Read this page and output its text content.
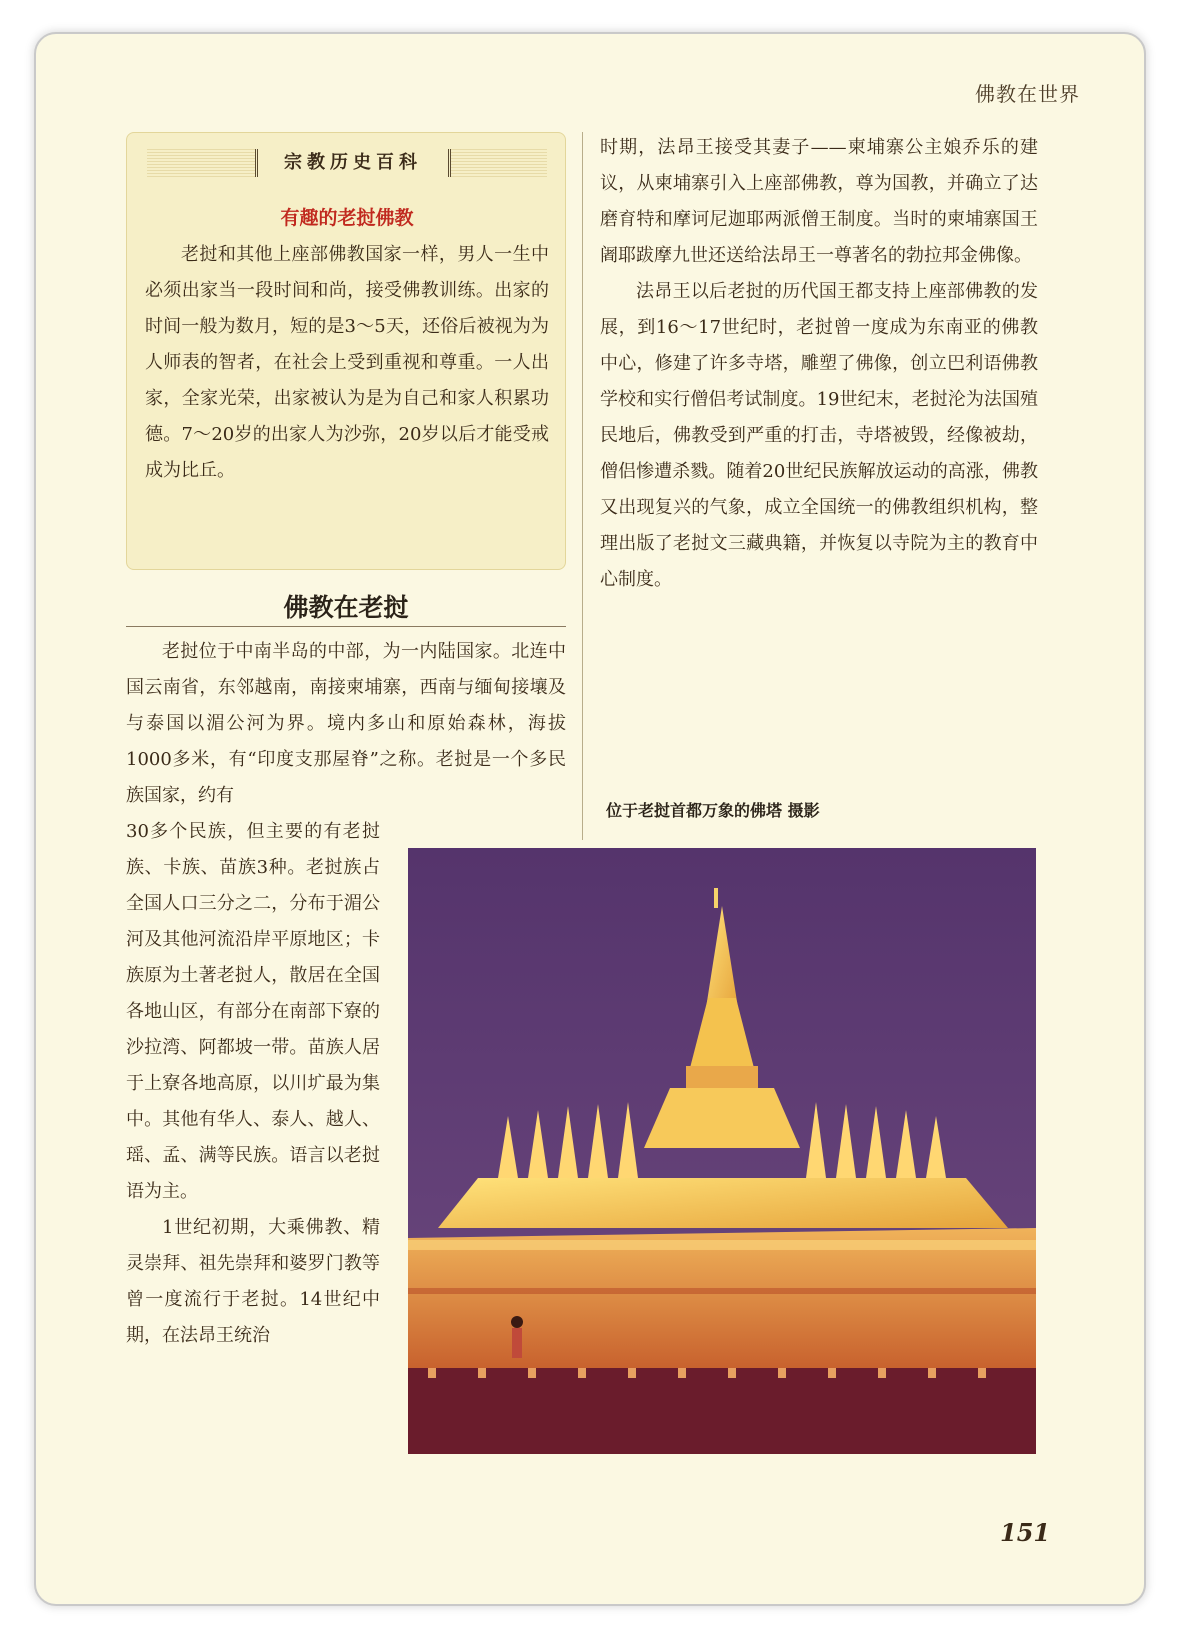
佛教在世界
宗教历史百科
有趣的老挝佛教
老挝和其他上座部佛教国家一样，男人一生中必须出家当一段时间和尚，接受佛教训练。出家的时间一般为数月，短的是3～5天，还俗后被视为为人师表的智者，在社会上受到重视和尊重。一人出家，全家光荣，出家被认为是为自己和家人积累功德。7～20岁的出家人为沙弥，20岁以后才能受戒成为比丘。
佛教在老挝

老挝位于中南半岛的中部，为一内陆国家。北连中国云南省，东邻越南，南接柬埔寨，西南与缅甸接壤及与泰国以湄公河为界。境内多山和原始森林，海拔1000多米，有“印度支那屋脊”之称。老挝是一个多民族国家，约有

30多个民族，但主要的有老挝族、卡族、苗族3种。老挝族占全国人口三分之二，分布于湄公河及其他河流沿岸平原地区；卡族原为土著老挝人，散居在全国各地山区，有部分在南部下寮的沙拉湾、阿都坡一带。苗族人居于上寮各地高原，以川圹最为集中。其他有华人、泰人、越人、瑶、孟、满等民族。语言以老挝语为主。

1世纪初期，大乘佛教、精灵崇拜、祖先崇拜和婆罗门教等曾一度流行于老挝。14世纪中期，在法昂王统治

时期，法昂王接受其妻子——柬埔寨公主娘乔乐的建议，从柬埔寨引入上座部佛教，尊为国教，并确立了达磨育特和摩诃尼迦耶两派僧王制度。当时的柬埔寨国王阇耶跋摩九世还送给法昂王一尊著名的勃拉邦金佛像。

法昂王以后老挝的历代国王都支持上座部佛教的发展，到16～17世纪时，老挝曾一度成为东南亚的佛教中心，修建了许多寺塔，雕塑了佛像，创立巴利语佛教学校和实行僧侣考试制度。19世纪末，老挝沦为法国殖民地后，佛教受到严重的打击，寺塔被毁，经像被劫，僧侣惨遭杀戮。随着20世纪民族解放运动的高涨，佛教又出现复兴的气象，成立全国统一的佛教组织机构，整理出版了老挝文三藏典籍，并恢复以寺院为主的教育中心制度。

位于老挝首都万象的佛塔 摄影
151
